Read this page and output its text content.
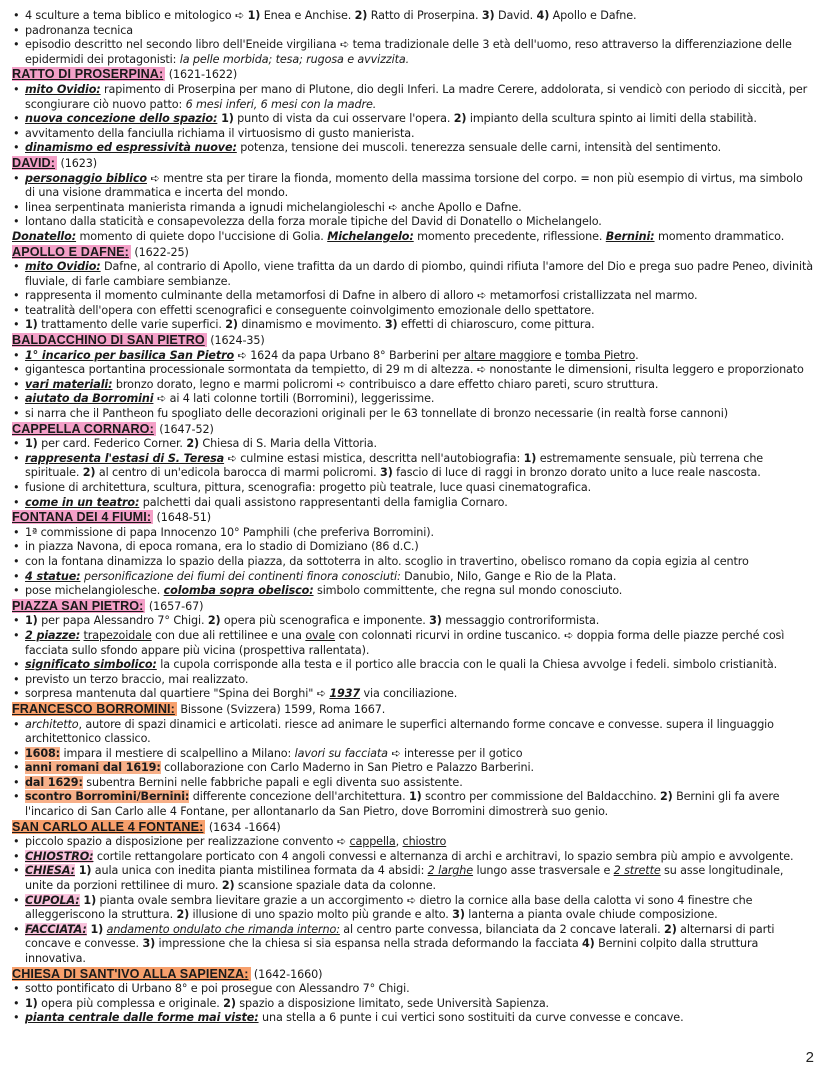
• 4 sculture a tema biblico e mitologico ➪ 1) Enea e Anchise. 2) Ratto di Proserpina. 3) David. 4) Apollo e Dafne.
• padronanza tecnica
• episodio descritto nel secondo libro dell'Eneide virgiliana ➪ tema tradizionale delle 3 età dell'uomo, reso attraverso la differenziazione delle epidermidi dei protagonisti: la pelle morbida; tesa; rugosa e avvizzita.
RATTO DI PROSERPINA: (1621-1622)
• mito Ovidio: rapimento di Proserpina per mano di Plutone, dio degli Inferi. La madre Cerere, addolorata, si vendicò con periodo di siccità, per scongiurare ciò nuovo patto: 6 mesi inferi, 6 mesi con la madre.
• nuova concezione dello spazio: 1) punto di vista da cui osservare l'opera. 2) impianto della scultura spinto ai limiti della stabilità.
• avvitamento della fanciulla richiama il virtuosismo di gusto manierista.
• dinamismo ed espressività nuove: potenza, tensione dei muscoli. tenerezza sensuale delle carni, intensità del sentimento.
DAVID: (1623)
• personaggio biblico ➪ mentre sta per tirare la fionda, momento della massima torsione del corpo. = non più esempio di virtus, ma simbolo di una visione drammatica e incerta del mondo.
• linea serpentinata manierista rimanda a ignudi michelangioleschi ➪ anche Apollo e Dafne.
• lontano dalla staticità e consapevolezza della forza morale tipiche del David di Donatello o Michelangelo.
Donatello: momento di quiete dopo l'uccisione di Golia. Michelangelo: momento precedente, riflessione. Bernini: momento drammatico.
APOLLO E DAFNE: (1622-25)
• mito Ovidio: Dafne, al contrario di Apollo, viene trafitta da un dardo di piombo, quindi rifiuta l'amore del Dio e prega suo padre Peneo, divinità fluviale, di farle cambiare sembianze.
• rappresenta il momento culminante della metamorfosi di Dafne in albero di alloro ➪ metamorfosi cristallizzata nel marmo.
• teatralità dell'opera con effetti scenografici e conseguente coinvolgimento emozionale dello spettatore.
• 1) trattamento delle varie superfici. 2) dinamismo e movimento. 3) effetti di chiaroscuro, come pittura.
BALDACCHINO DI SAN PIETRO (1624-35)
• 1° incarico per basilica San Pietro ➪ 1624 da papa Urbano 8° Barberini per altare maggiore e tomba Pietro.
• gigantesca portantina processionale sormontata da tempietto, di 29 m di altezza. ➪ nonostante le dimensioni, risulta leggero e proporzionato
• vari materiali: bronzo dorato, legno e marmi policromi ➪ contribuisco a dare effetto chiaro pareti, scuro struttura.
• aiutato da Borromini ➪ ai 4 lati colonne tortili (Borromini), leggerissime.
• si narra che il Pantheon fu spogliato delle decorazioni originali per le 63 tonnellate di bronzo necessarie (in realtà forse cannoni)
CAPPELLA CORNARO: (1647-52)
• 1) per card. Federico Corner. 2) Chiesa di S. Maria della Vittoria.
• rappresenta l'estasi di S. Teresa ➪ culmine estasi mistica, descritta nell'autobiografia: 1) estremamente sensuale, più terrena che spirituale. 2) al centro di un'edicola barocca di marmi policromi. 3) fascio di luce di raggi in bronzo dorato unito a luce reale nascosta.
• fusione di architettura, scultura, pittura, scenografia: progetto più teatrale, luce quasi cinematografica.
• come in un teatro: palchetti dai quali assistono rappresentanti della famiglia Cornaro.
FONTANA DEI 4 FIUMI: (1648-51)
• 1ª commissione di papa Innocenzo 10° Pamphili (che preferiva Borromini).
• in piazza Navona, di epoca romana, era lo stadio di Domiziano (86 d.C.)
• con la fontana dinamizza lo spazio della piazza, da sottoterra in alto. scoglio in travertino, obelisco romano da copia egizia al centro
• 4 statue: personificazione dei fiumi dei continenti finora conosciuti: Danubio, Nilo, Gange e Rio de la Plata.
• pose michelangiolesche. colomba sopra obelisco: simbolo committente, che regna sul mondo conosciuto.
PIAZZA SAN PIETRO: (1657-67)
• 1) per papa Alessandro 7° Chigi. 2) opera più scenografica e imponente. 3) messaggio controriformista.
• 2 piazze: trapezoidale con due ali rettilinee e una ovale con colonnati ricurvi in ordine tuscanico. ➪ doppia forma delle piazze perché così facciata sullo sfondo appare più vicina (prospettiva rallentata).
• significato simbolico: la cupola corrisponde alla testa e il portico alle braccia con le quali la Chiesa avvolge i fedeli. simbolo cristianità.
• previsto un terzo braccio, mai realizzato.
• sorpresa mantenuta dal quartiere "Spina dei Borghi" ➪ 1937 via conciliazione.
FRANCESCO BORROMINI: Bissone (Svizzera) 1599, Roma 1667.
• architetto, autore di spazi dinamici e articolati. riesce ad animare le superfici alternando forme concave e convesse. supera il linguaggio architettonico classico.
• 1608: impara il mestiere di scalpellino a Milano: lavori su facciata ➪ interesse per il gotico
• anni romani dal 1619: collaborazione con Carlo Maderno in San Pietro e Palazzo Barberini.
• dal 1629: subentra Bernini nelle fabbriche papali e egli diventa suo assistente.
• scontro Borromini/Bernini: differente concezione dell'architettura. 1) scontro per commissione del Baldacchino. 2) Bernini gli fa avere l'incarico di San Carlo alle 4 Fontane, per allontanarlo da San Pietro, dove Borromini dimostrerà suo genio.
SAN CARLO ALLE 4 FONTANE: (1634 -1664)
• piccolo spazio a disposizione per realizzazione convento ➪ cappella, chiostro
• CHIOSTRO: cortile rettangolare porticato con 4 angoli convessi e alternanza di archi e architravi, lo spazio sembra più ampio e avvolgente.
• CHIESA: 1) aula unica con inedita pianta mistilinea formata da 4 absidi: 2 larghe lungo asse trasversale e 2 strette su asse longitudinale, unite da porzioni rettilinee di muro. 2) scansione spaziale data da colonne.
• CUPOLA: 1) pianta ovale sembra lievitare grazie a un accorgimento ➪ dietro la cornice alla base della calotta vi sono 4 finestre che alleggeriscono la struttura. 2) illusione di uno spazio molto più grande e alto. 3) lanterna a pianta ovale chiude composizione.
• FACCIATA: 1) andamento ondulato che rimanda interno: al centro parte convessa, bilanciata da 2 concave laterali. 2) alternarsi di parti concave e convesse. 3) impressione che la chiesa si sia espansa nella strada deformando la facciata 4) Bernini colpito dalla struttura innovativa.
CHIESA DI SANT'IVO ALLA SAPIENZA: (1642-1660)
• sotto pontificato di Urbano 8° e poi prosegue con Alessandro 7° Chigi.
• 1) opera più complessa e originale. 2) spazio a disposizione limitato, sede Università Sapienza.
• pianta centrale dalle forme mai viste: una stella a 6 punte i cui vertici sono sostituiti da curve convesse e concave.
2
